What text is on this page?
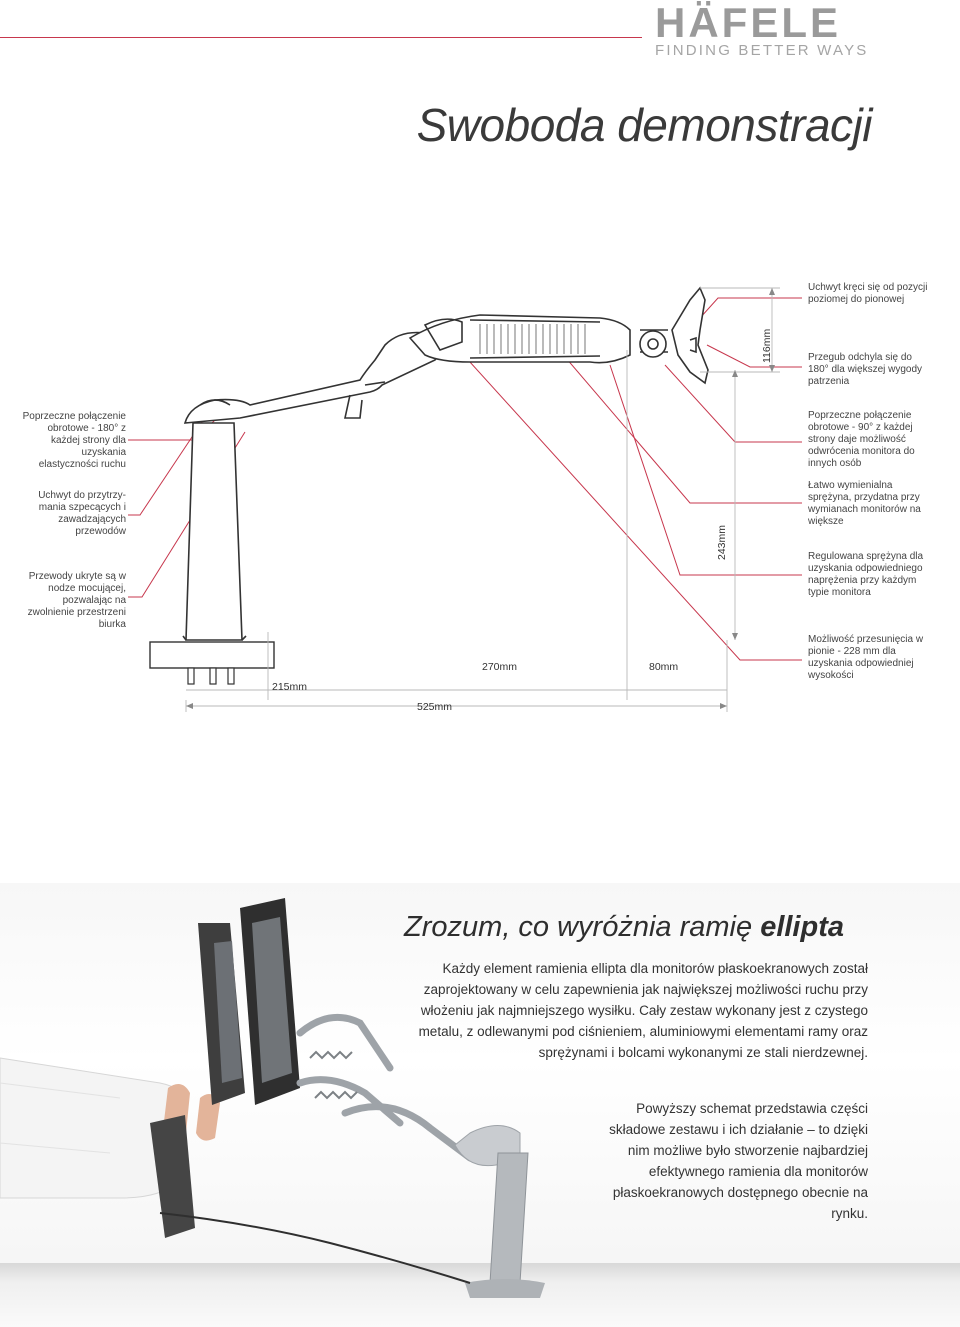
HÄFELE
FINDING BETTER WAYS
Swoboda demonstracji
Poprzeczne połączenie obrotowe - 180° z każdej strony dla uzyskania elastyczności ruchu
Uchwyt do przytrzy-mania szpecących i zawadzających przewodów
Przewody ukryte są w nodze mocującej, pozwalając na zwolnienie przestrzeni biurka
Uchwyt kręci się od pozycji poziomej do pionowej
Przegub odchyla się do 180° dla większej wygody patrzenia
Poprzeczne połączenie obrotowe - 90° z każdej strony daje możliwość odwrócenia monitora do innych osób
Łatwo wymienialna sprężyna, przydatna przy wymianach monitorów na większe
Regulowana sprężyna dla uzyskania odpowiedniego naprężenia przy każdym typie monitora
Możliwość przesunięcia w pionie - 228 mm dla uzyskania odpowiedniej wysokości
116mm
243mm
270mm	80mm
215mm
525mm
Zrozum, co wyróżnia ramię ellipta
Każdy element ramienia ellipta dla monitorów płaskoekranowych został zaprojektowany w celu zapewnienia jak największej możliwości ruchu przy włożeniu jak najmniejszego wysiłku. Cały zestaw wykonany jest z czystego metalu, z odlewanymi pod ciśnieniem, aluminiowymi elementami ramy oraz sprężynami i bolcami wykonanymi ze stali nierdzewnej.
Powyższy schemat przedstawia części składowe zestawu i ich działanie – to dzięki nim możliwe było stworzenie najbardziej efektywnego ramienia dla monitorów płaskoekranowych dostępnego obecnie na rynku.
